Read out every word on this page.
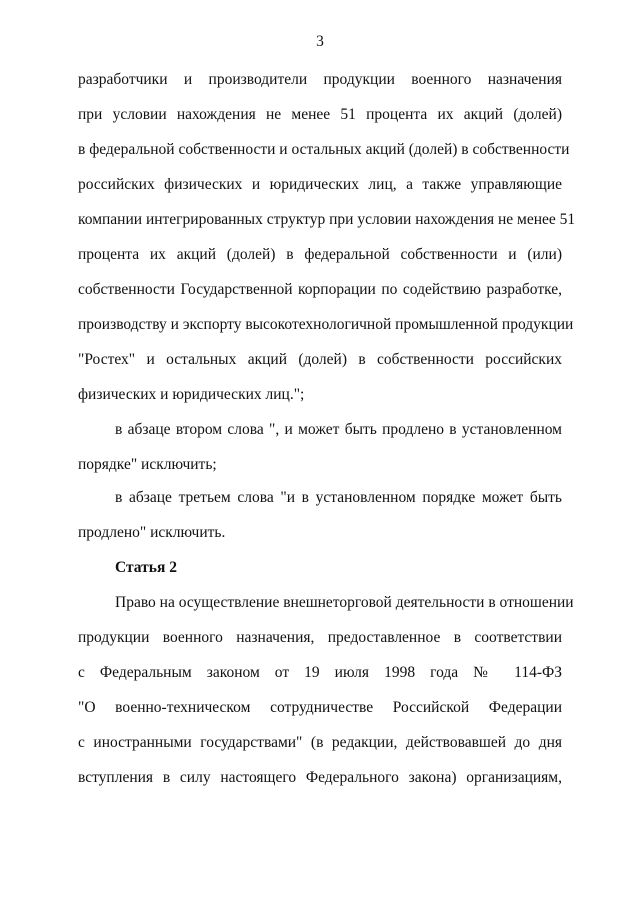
3
Статья 2
разработчики и производители продукции военного назначения
при условии нахождения не менее 51 процента их акций (долей)
в федеральной собственности и остальных акций (долей) в собственности
российских физических и юридических лиц, а также управляющие
компании интегрированных структур при условии нахождения не менее 51
процента их акций (долей) в федеральной собственности и (или)
собственности Государственной корпорации по содействию разработке,
производству и экспорту высокотехнологичной промышленной продукции
"Ростех" и остальных акций (долей) в собственности российских
физических и юридических лиц.";
в абзаце втором слова ", и может быть продлено в установленном
порядке" исключить;
в абзаце третьем слова "и в установленном порядке может быть
продлено" исключить.
Право на осуществление внешнеторговой деятельности в отношении
продукции военного назначения, предоставленное в соответствии
с Федеральным законом от 19 июля 1998 года № 114-ФЗ
"О военно-техническом сотрудничестве Российской Федерации
с иностранными государствами" (в редакции, действовавшей до дня
вступления в силу настоящего Федерального закона) организациям,
